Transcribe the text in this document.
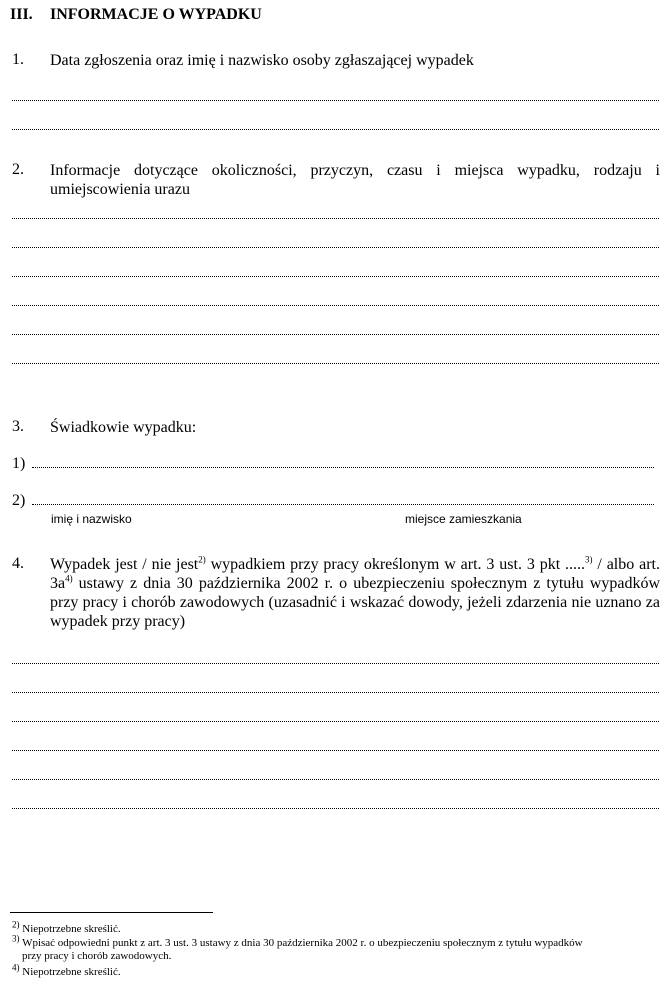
III. INFORMACJE O WYPADKU
1. Data zgłoszenia oraz imię i nazwisko osoby zgłaszającej wypadek
2. Informacje dotyczące okoliczności, przyczyn, czasu i miejsca wypadku, rodzaju i umiejscowienia urazu
3. Świadkowie wypadku:
1)
2)
imię i nazwisko	miejsce zamieszkania
4. Wypadek jest / nie jest$^{2)}$ wypadkiem przy pracy określonym w art. 3 ust. 3 pkt .....$^{3)}$ / albo art. $3a^{4)}$ ustawy z dnia 30 października 2002 r. o ubezpieczeniu społecznym z tytułu wypadków przy pracy i chorób zawodowych (uzasadnić i wskazać dowody, jeżeli zdarzenia nie uznano za wypadek przy pracy)
$^{2)}$ Niepotrzebne skreślić.
$^{3)}$ Wpisać odpowiedni punkt z art. 3 ust. 3 ustawy z dnia 30 października 2002 r. o ubezpieczeniu społecznym z tytułu wypadków
przy pracy i chorób zawodowych.
$^{4)}$ Niepotrzebne skreślić.
